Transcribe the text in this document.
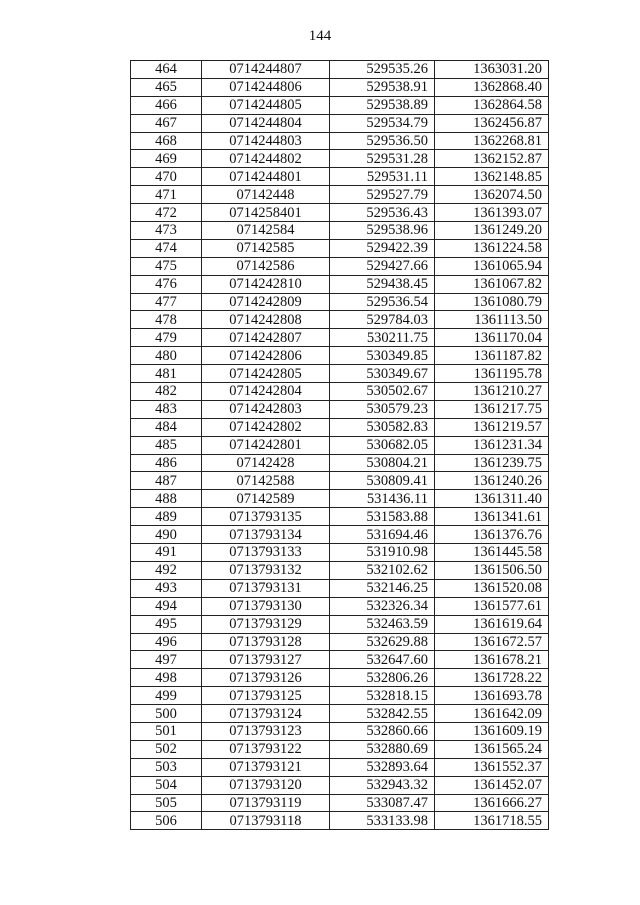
144
464	0714244807	529535.26	1363031.20
465	0714244806	529538.91	1362868.40
466	0714244805	529538.89	1362864.58
467	0714244804	529534.79	1362456.87
468	0714244803	529536.50	1362268.81
469	0714244802	529531.28	1362152.87
470	0714244801	529531.11	1362148.85
471	07142448	529527.79	1362074.50
472	0714258401	529536.43	1361393.07
473	07142584	529538.96	1361249.20
474	07142585	529422.39	1361224.58
475	07142586	529427.66	1361065.94
476	0714242810	529438.45	1361067.82
477	0714242809	529536.54	1361080.79
478	0714242808	529784.03	1361113.50
479	0714242807	530211.75	1361170.04
480	0714242806	530349.85	1361187.82
481	0714242805	530349.67	1361195.78
482	0714242804	530502.67	1361210.27
483	0714242803	530579.23	1361217.75
484	0714242802	530582.83	1361219.57
485	0714242801	530682.05	1361231.34
486	07142428	530804.21	1361239.75
487	07142588	530809.41	1361240.26
488	07142589	531436.11	1361311.40
489	0713793135	531583.88	1361341.61
490	0713793134	531694.46	1361376.76
491	0713793133	531910.98	1361445.58
492	0713793132	532102.62	1361506.50
493	0713793131	532146.25	1361520.08
494	0713793130	532326.34	1361577.61
495	0713793129	532463.59	1361619.64
496	0713793128	532629.88	1361672.57
497	0713793127	532647.60	1361678.21
498	0713793126	532806.26	1361728.22
499	0713793125	532818.15	1361693.78
500	0713793124	532842.55	1361642.09
501	0713793123	532860.66	1361609.19
502	0713793122	532880.69	1361565.24
503	0713793121	532893.64	1361552.37
504	0713793120	532943.32	1361452.07
505	0713793119	533087.47	1361666.27
506	0713793118	533133.98	1361718.55
